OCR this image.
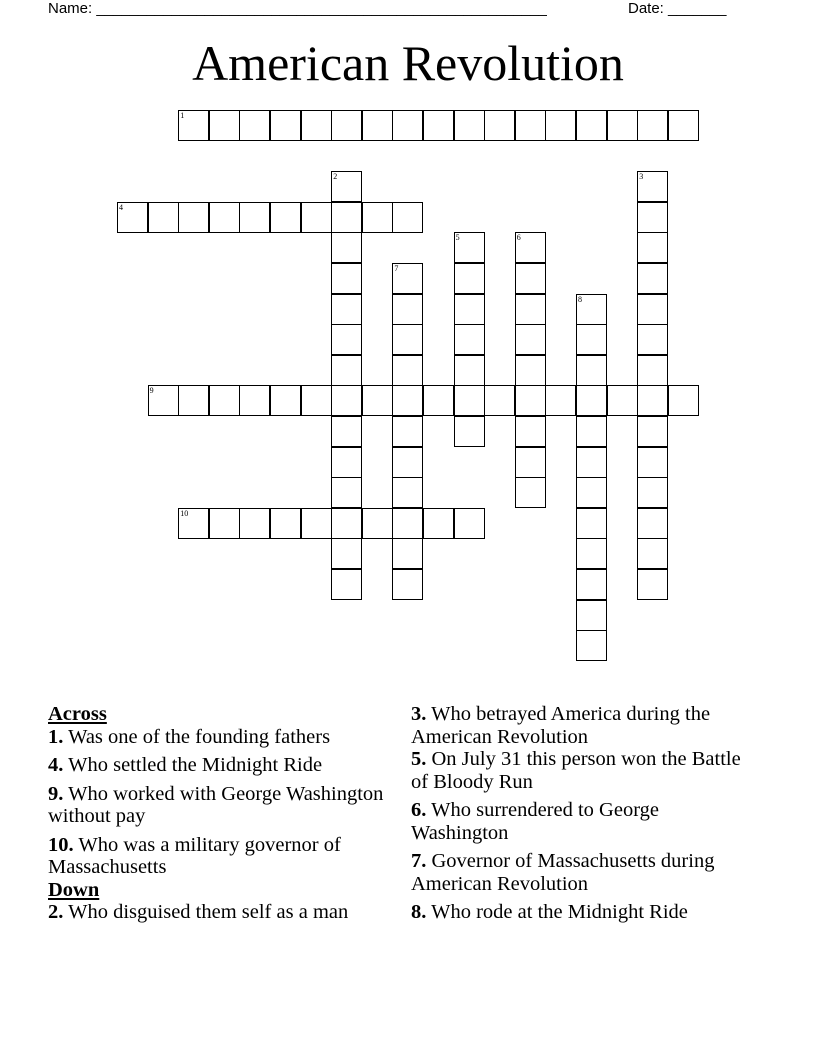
Name: ______________________________________________________	Date: _______
American Revolution
1
2	3
4
5	6
7
8
9
10

Across

1. Was one of the founding fathers

4. Who settled the Midnight Ride

9. Who worked with George Washington without pay

10. Who was a military governor of Massachusetts

Down

2. Who disguised them self as a man

3. Who betrayed America during the American Revolution

5. On July 31 this person won the Battle of Bloody Run

6. Who surrendered to George Washington

7. Governor of Massachusetts during American Revolution

8. Who rode at the Midnight Ride
